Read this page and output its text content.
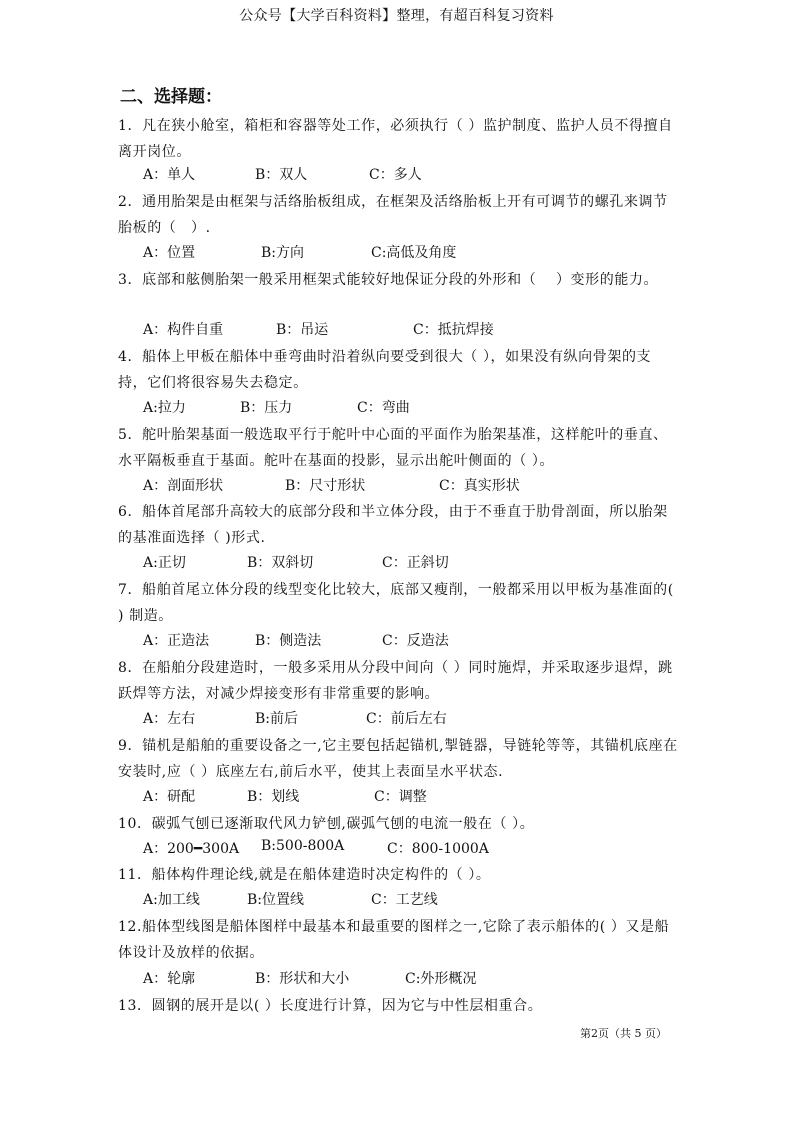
公众号【大学百科资料】整理，有超百科复习资料
二、选择题：
1．凡在狭小舱室，箱柜和容器等处工作，必须执行（ ）监护制度、监护人员不得擅自离开岗位。
A：单人	B：双人	C：多人
2．通用胎架是由框架与活络胎板组成，在框架及活络胎板上开有可调节的螺孔来调节胎板的（　）.
A：位置	B:方向	C:高低及角度
3．底部和舷侧胎架一般采用框架式能较好地保证分段的外形和（　 ）变形的能力。
A：构件自重	B：吊运	C：抵抗焊接
4．船体上甲板在船体中垂弯曲时沿着纵向要受到很大（ ），如果没有纵向骨架的支持，它们将很容易失去稳定。
A:拉力	B：压力	C：弯曲
5．舵叶胎架基面一般选取平行于舵叶中心面的平面作为胎架基准，这样舵叶的垂直、水平隔板垂直于基面。舵叶在基面的投影，显示出舵叶侧面的（ ）。
A：剖面形状	B：尺寸形状	C：真实形状
6．船体首尾部升高较大的底部分段和半立体分段，由于不垂直于肋骨剖面，所以胎架的基准面选择（ )形式.
A:正切	B：双斜切	C：正斜切
7．船舶首尾立体分段的线型变化比较大，底部又瘦削，一般都采用以甲板为基准面的( ) 制造。
A：正造法	B：侧造法	C：反造法
8．在船舶分段建造时，一般多采用从分段中间向（ ）同时施焊，并采取逐步退焊，跳跃焊等方法，对减少焊接变形有非常重要的影响。
A：左右	B:前后	C：前后左右
9．锚机是船舶的重要设备之一,它主要包括起锚机,掣链器，导链轮等等，其锚机底座在安装时,应（ ）底座左右,前后水平，使其上表面呈水平状态.
A：研配	B：划线	C：调整
10．碳弧气刨已逐渐取代风力铲刨,碳弧气刨的电流一般在（ ）。
A：200━300A B:500-800A	C：800-1000A
11．船体构件理论线,就是在船体建造时决定构件的（ ）。
A:加工线	B:位置线	C：工艺线
12.船体型线图是船体图样中最基本和最重要的图样之一,它除了表示船体的( ）又是船体设计及放样的依据。
A：轮廓	B：形状和大小	C:外形概况
13．圆钢的展开是以( ）长度进行计算，因为它与中性层相重合。
第2页（共 5 页）
